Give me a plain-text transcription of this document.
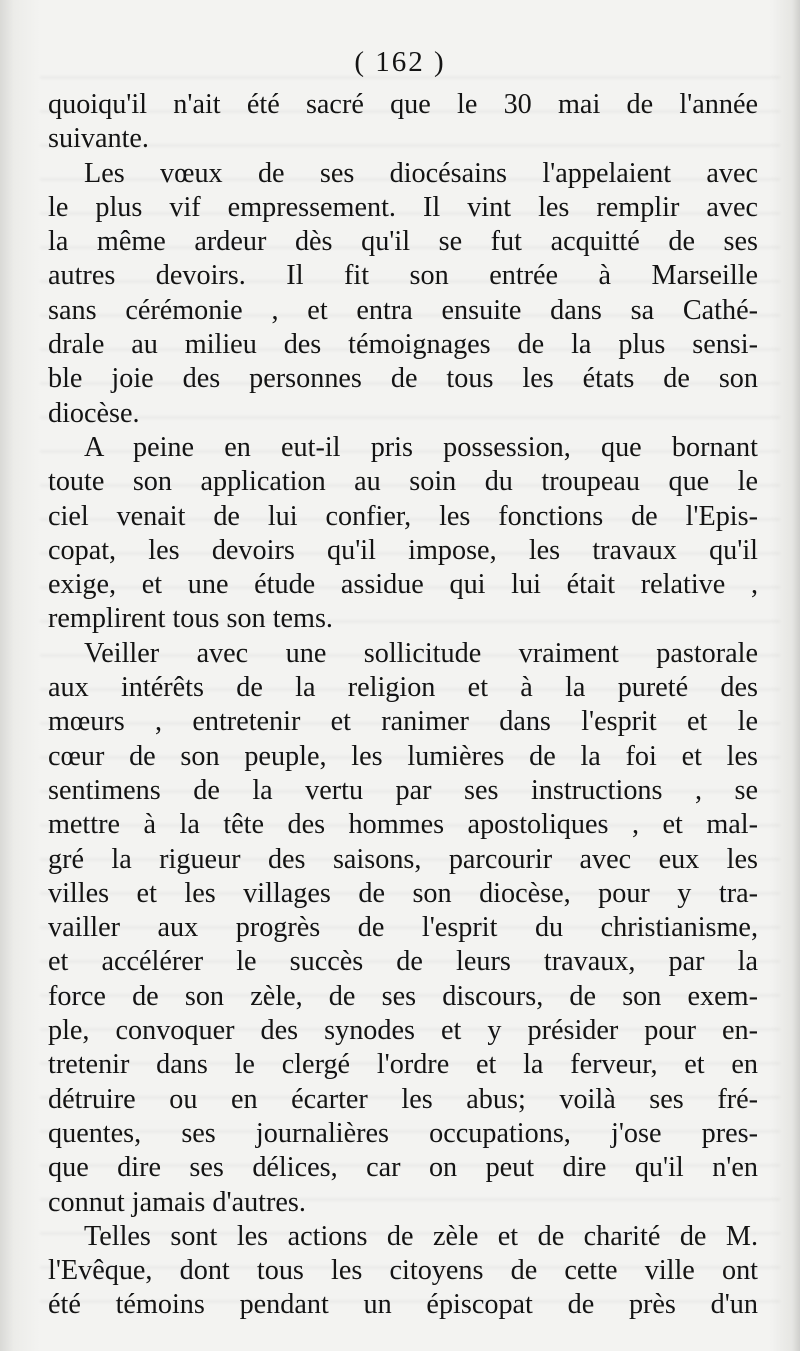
( 162 )
quoiqu'il n'ait été sacré que le 30 mai de l'année
suivante.
Les vœux de ses diocésains l'appelaient avec
le plus vif empressement. Il vint les remplir avec
la même ardeur dès qu'il se fut acquitté de ses
autres devoirs. Il fit son entrée à Marseille
sans cérémonie , et entra ensuite dans sa Cathé-
drale au milieu des témoignages de la plus sensi-
ble joie des personnes de tous les états de son
diocèse.
A peine en eut-il pris possession, que bornant
toute son application au soin du troupeau que le
ciel venait de lui confier, les fonctions de l'Epis-
copat, les devoirs qu'il impose, les travaux qu'il
exige, et une étude assidue qui lui était relative ,
remplirent tous son tems.
Veiller avec une sollicitude vraiment pastorale
aux intérêts de la religion et à la pureté des
mœurs , entretenir et ranimer dans l'esprit et le
cœur de son peuple, les lumières de la foi et les
sentimens de la vertu par ses instructions , se
mettre à la tête des hommes apostoliques , et mal-
gré la rigueur des saisons, parcourir avec eux les
villes et les villages de son diocèse, pour y tra-
vailler aux progrès de l'esprit du christianisme,
et accélérer le succès de leurs travaux, par la
force de son zèle, de ses discours, de son exem-
ple, convoquer des synodes et y présider pour en-
tretenir dans le clergé l'ordre et la ferveur, et en
détruire ou en écarter les abus; voilà ses fré-
quentes, ses journalières occupations, j'ose pres-
que dire ses délices, car on peut dire qu'il n'en
connut jamais d'autres.
Telles sont les actions de zèle et de charité de M.
l'Evêque, dont tous les citoyens de cette ville ont
été témoins pendant un épiscopat de près d'un
